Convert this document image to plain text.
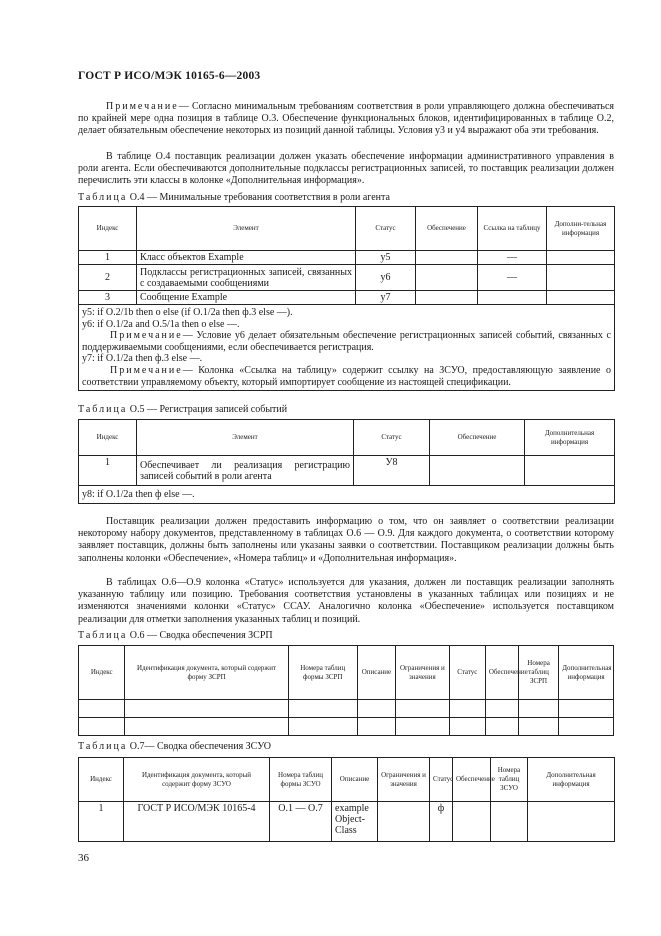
ГОСТ Р ИСО/МЭК 10165-6—2003
Примечание— Согласно минимальным требованиям соответствия в роли управляющего должна обеспечиваться по крайней мере одна позиция в таблице О.3. Обеспечение функциональных блоков, идентифицированных в таблице О.2, делает обязательным обеспечение некоторых из позиций данной таблицы. Условия у3 и у4 выражают оба эти требования.
В таблице О.4 поставщик реализации должен указать обеспечение информации административного управления в роли агента. Если обеспечиваются дополнительные подклассы регистрационных записей, то поставщик реализации должен перечислить эти классы в колонке «Дополнительная информация».
Таблица О.4 — Минимальные требования соответствия в роли агента
Индекс	Элемент	Статус	Обеспечение	Ссылка на таблицу	Дополни-тельная информация
1	Класс объектов Example	у5		—	
2	Подклассы регистрационных записей, связанных с создаваемыми сообщениями	у6		—	
3	Сообщение Example	у7			

у5: if О.2/1b then о else (if О.1/2а then ф.3 else —).
у6: if О.1/2а and О.5/1а then о else —.
Примечание— Условие у6 делает обязательным обеспечение регистрационных записей событий, связанных с поддерживаемыми сообщениями, если обеспечивается регистрация.
у7: if О.1/2а then ф.3 else —.
Примечание— Колонка «Ссылка на таблицу» содержит ссылку на ЗСУО, предоставляющую заявление о соответствии управляемому объекту, который импортирует сообщение из настоящей спецификации.					
Таблица О.5 — Регистрация записей событий
Индекс	Элемент	Статус	Обеспечение	Дополнительная информация
1	Обеспечивает ли реализация регистрацию записей событий в роли агента	У8		
у8: if О.1/2а then ф else —.				
Поставщик реализации должен предоставить информацию о том, что он заявляет о соответствии реализации некоторому набору документов, представленному в таблицах О.6 — О.9. Для каждого документа, о соответствии которому заявляет поставщик, должны быть заполнены или указаны заявки о соответствии. Поставщиком реализации должны быть заполнены колонки «Обеспечение», «Номера таблиц» и «Дополнительная информация».
В таблицах О.6—О.9 колонка «Статус» используется для указания, должен ли поставщик реализации заполнять указанную таблицу или позицию. Требования соответствия установлены в указанных таблицах или позициях и не изменяются значениями колонки «Статус» ССАУ. Аналогично колонка «Обеспечение» используется поставщиком реализации для отметки заполнения указанных таблиц и позиций.
Таблица О.6 — Сводка обеспечения ЗСРП
Индекс	Идентификация документа, который содержит форму ЗСРП	Номера таблиц формы ЗСРП	Описание	Ограничения и значения	Статус	Обеспечение	Номера таблиц ЗСРП	Дополнительная информация

Таблица О.7— Сводка обеспечения ЗСУО
Индекс	Идентификация документа, который содержит форму ЗСУО	Номера таблиц формы ЗСУО	Описание	Ограничения и значения	Статус	Обеспечение	Номера таблиц ЗСУО	Дополнительная информация
1	ГОСТ Р ИСО/МЭК 10165-4	О.1 — О.7	example Object-Class		ф			
36
